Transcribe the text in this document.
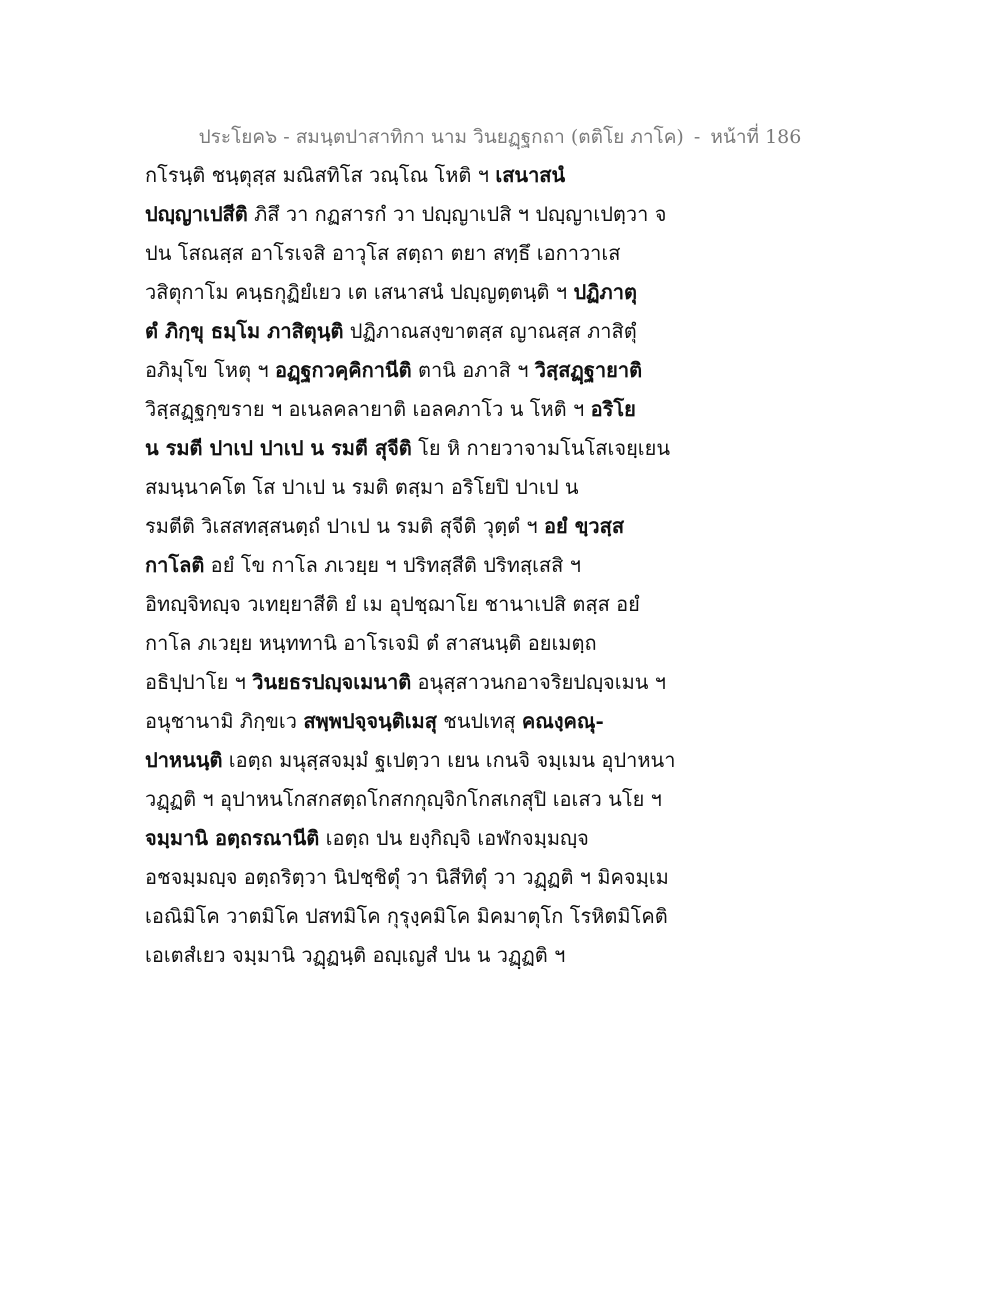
ประโยค๖ - สมนฺตปาสาทิกา นาม วินยฏฺฐกถา (ตติโย ภาโค) - หน้าที่ 186
กโรนฺติ ชนฺตุสฺส มณิสทิโส วณฺโณ โหติ ฯ เสนาสนํ
ปญฺญาเปสีติ ภิสึ วา กฏสารกํ วา ปญฺญาเปสิ ฯ ปญฺญาเปตฺวา จ
ปน โสณสฺส อาโรเจสิ อาวุโส สตฺถา ตยา สทฺธึ เอกาวาเส
วสิตุกาโม คนฺธกุฏิยํเยว เต เสนาสนํ ปญฺญตฺตนฺติ ฯ ปฏิภาตุ
ตํ ภิกฺขุ ธมฺโม ภาสิตุนฺติ ปฏิภาณสงฺขาตสฺส ญาณสฺส ภาสิตุํ
อภิมุโข โหตุ ฯ อฏฺฐกวคฺคิกานีติ ตานิ อภาสิ ฯ วิสฺสฏฺฐายาติ
วิสฺสฏฺฐกฺขราย ฯ อเนลคลายาติ เอลคภาโว น โหติ ฯ อริโย
น รมตี ปาเป ปาเป น รมตี สุจีติ โย หิ กายวาจามโนโสเจยฺเยน
สมนฺนาคโต โส ปาเป น รมติ ตสฺมา อริโยปิ ปาเป น
รมตีติ วิเสสทสฺสนตฺถํ ปาเป น รมติ สุจีติ วุตฺตํ ฯ อยํ ขฺวสฺส
กาโลติ อยํ โข กาโล ภเวยฺย ฯ ปริทสฺสีติ ปริทสฺเสสิ ฯ
อิทญฺจิทญฺจ วเทยฺยาสีติ ยํ เม อุปชฺฌาโย ชานาเปสิ ตสฺส อยํ
กาโล ภเวยฺย หนฺททานิ อาโรเจมิ ตํ สาสนนฺติ อยเมตฺถ
อธิปฺปาโย ฯ วินยธรปญฺจเมนาติ อนุสฺสาวนกอาจริยปญฺจเมน ฯ
อนุชานามิ ภิกฺขเว สพฺพปจฺจนฺติเมสุ ชนปเทสุ คณงฺคณุ-
ปาหนนฺติ เอตฺถ มนุสฺสจมฺมํ ฐเปตฺวา เยน เกนจิ จมฺเมน อุปาหนา
วฏฺฏติ ฯ อุปาหนโกสกสตฺถโกสกกุญฺจิกโกสเกสุปิ เอเสว นโย ฯ
จมฺมานิ อตฺถรณานีติ เอตฺถ ปน ยงฺกิญฺจิ เอฬกจมฺมญฺจ
อชจมฺมญฺจ อตฺถริตฺวา นิปชฺชิตุํ วา นิสีทิตุํ วา วฏฺฏติ ฯ มิคจมฺเม
เอณิมิโค วาตมิโค ปสทมิโค กุรุงฺคมิโค มิคมาตุโก โรหิตมิโคติ
เอเตสํเยว จมฺมานิ วฏฺฏนฺติ อญฺเญสํ ปน น วฏฺฏติ ฯ
